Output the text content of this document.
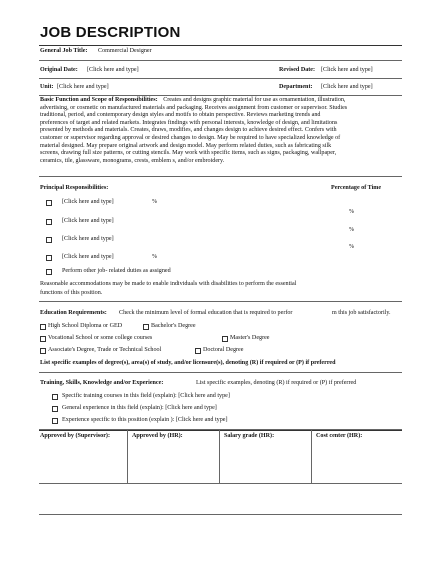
JOB DESCRIPTION
General Job Title: Commercial Designer
Original Date: [Click here and type]	Revised Date: [Click here and type]
Unit: [Click here and type]	Department: [Click here and type]
Basic Function and Scope of Responsibilities: Creates and designs graphic material for use as ornamentation, illustration,
advertising, or cosmetic on manufactured materials and packaging. Receives assignment from customer or supervisor. Studies
traditional, period, and contemporary design styles and motifs to obtain perspective. Reviews marketing trends and
preferences of target and related markets. Integrates findings with personal interests, knowledge of design, and limitations
presented by methods and materials. Creates, draws, modifies, and changes design to achieve desired effect. Confers with
customer or supervisor regarding approval or desired changes to design. May be required to have specialized knowledge of
material designed. May prepare original artwork and design model. May perform related duties, such as fabricating silk
screens, drawing full size patterns, or cutting stencils. May work with specific items, such as signs, packaging, wallpaper,
ceramics, tile, glassware, monograms, crests, emblem s, and/or embroidery.
Principal Responsibilities:	Percentage of Time
[Click here and type]	%
%
[Click here and type]
%
[Click here and type]
%
[Click here and type]	%
Perform other job- related duties as assigned
Reasonable accommodations may be made to enable individuals with disabilities to perform the essential
functions of this position.
Education Requirements: Check the minimum level of formal education that is required to perfor	m this job satisfactorily.
High School Diploma or GED	Bachelor's Degree
Vocational School or some college courses	Master's Degree
Associate's Degree, Trade or Technical School	Doctoral Degree
List specific examples of degree(s), area(s) of study, and/or licensure(s), denoting (R) if required or (P) if preferred
Training, Skills, Knowledge and/or Experience:	List specific examples, denoting (R) if required or (P) if preferred
Specific training courses in this field (explain): [Click here and type]
General experience in this field (explain): [Click here and type]
Experience specific to this position (explain ): [Click here and type]
Approved by (Supervisor):	Approved by (HR):	Salary grade (HR):	Cost center (HR):
